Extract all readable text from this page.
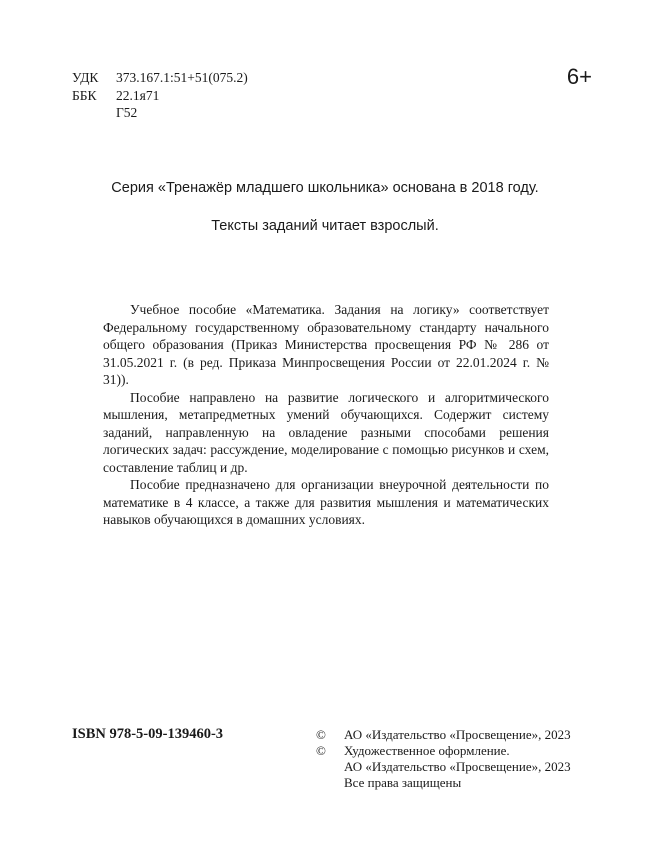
УДК	373.167.1:51+51(075.2)
ББК	22.1я71
Г52
6+
Серия «Тренажёр младшего школьника» основана в 2018 году.
Тексты заданий читает взрослый.

Учебное пособие «Математика. Задания на логику» соответствует Федеральному государственному образовательному стандарту начального общего образования (Приказ Министерства просвещения РФ № 286 от 31.05.2021 г. (в ред. Приказа Минпросвещения России от 22.01.2024 г. № 31)).

Пособие направлено на развитие логического и алгоритмического мышления, метапредметных умений обучающихся. Содержит систему заданий, направленную на овладение разными способами решения логических задач: рассуждение, моделирование с помощью рисунков и схем, составление таблиц и др.

Пособие предназначено для организации внеурочной деятельности по математике в 4 классе, а также для развития мышления и математических навыков обучающихся в домашних условиях.

ISBN 978-5-09-139460-3	©	АО «Издательство «Просвещение», 2023
©	Художественное оформление.
АО «Издательство «Просвещение», 2023
Все права защищены
